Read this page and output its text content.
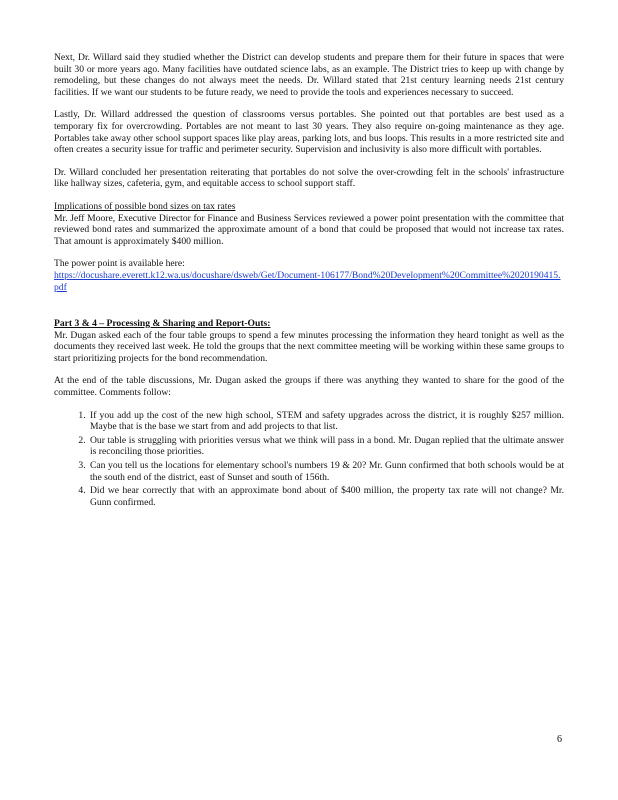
Next, Dr. Willard said they studied whether the District can develop students and prepare them for their future in spaces that were built 30 or more years ago. Many facilities have outdated science labs, as an example. The District tries to keep up with change by remodeling, but these changes do not always meet the needs. Dr. Willard stated that 21st century learning needs 21st century facilities. If we want our students to be future ready, we need to provide the tools and experiences necessary to succeed.

Lastly, Dr. Willard addressed the question of classrooms versus portables. She pointed out that portables are best used as a temporary fix for overcrowding. Portables are not meant to last 30 years. They also require on-going maintenance as they age. Portables take away other school support spaces like play areas, parking lots, and bus loops. This results in a more restricted site and often creates a security issue for traffic and perimeter security. Supervision and inclusivity is also more difficult with portables.

Dr. Willard concluded her presentation reiterating that portables do not solve the over-crowding felt in the schools' infrastructure like hallway sizes, cafeteria, gym, and equitable access to school support staff.

Implications of possible bond sizes on tax rates
Mr. Jeff Moore, Executive Director for Finance and Business Services reviewed a power point presentation with the committee that reviewed bond rates and summarized the approximate amount of a bond that could be proposed that would not increase tax rates. That amount is approximately $400 million.

The power point is available here:
https://docushare.everett.k12.wa.us/docushare/dsweb/Get/Document-106177/Bond%20Development%20Committee%2020190415.pdf

Part 3 & 4 – Processing & Sharing and Report-Outs:
Mr. Dugan asked each of the four table groups to spend a few minutes processing the information they heard tonight as well as the documents they received last week. He told the groups that the next committee meeting will be working within these same groups to start prioritizing projects for the bond recommendation.

At the end of the table discussions, Mr. Dugan asked the groups if there was anything they wanted to share for the good of the committee. Comments follow:

1. If you add up the cost of the new high school, STEM and safety upgrades across the district, it is roughly $257 million. Maybe that is the base we start from and add projects to that list.
2. Our table is struggling with priorities versus what we think will pass in a bond. Mr. Dugan replied that the ultimate answer is reconciling those priorities.
3. Can you tell us the locations for elementary school's numbers 19 & 20? Mr. Gunn confirmed that both schools would be at the south end of the district, east of Sunset and south of 156th.
4. Did we hear correctly that with an approximate bond about of $400 million, the property tax rate will not change? Mr. Gunn confirmed.
6
